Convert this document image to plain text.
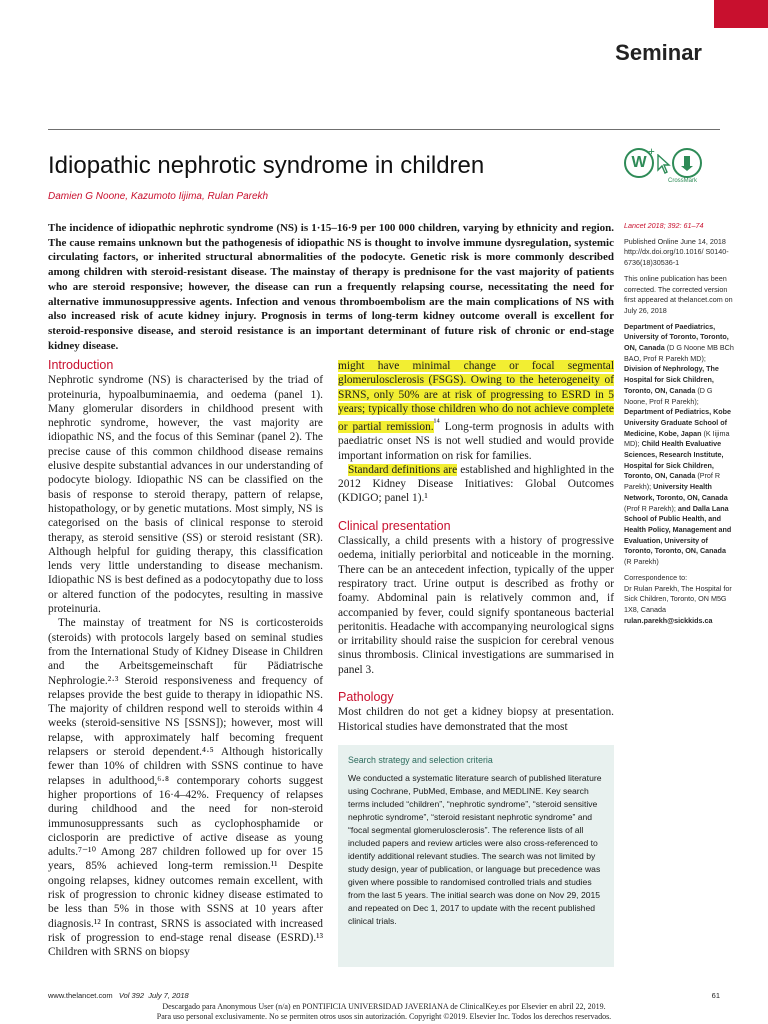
Seminar
Idiopathic nephrotic syndrome in children
Damien G Noone, Kazumoto Iijima, Rulan Parekh
W
+
CrossMark

The incidence of idiopathic nephrotic syndrome (NS) is 1·15–16·9 per 100 000 children, varying by ethnicity and region. The cause remains unknown but the pathogenesis of idiopathic NS is thought to involve immune dysregulation, systemic circulating factors, or inherited structural abnormalities of the podocyte. Genetic risk is more commonly described among children with steroid-resistant disease. The mainstay of therapy is prednisone for the vast majority of patients who are steroid responsive; however, the disease can run a frequently relapsing course, necessitating the need for alternative immunosuppressive agents. Infection and venous thromboembolism are the main complications of NS with also increased risk of acute kidney injury. Prognosis in terms of long-term kidney outcome overall is excellent for steroid-responsive disease, and steroid resistance is an important determinant of future risk of chronic or end-stage kidney disease.

Introduction

Nephrotic syndrome (NS) is characterised by the triad of proteinuria, hypoalbuminaemia, and oedema (panel 1). Many glomerular disorders in childhood present with nephrotic syndrome, however, the vast majority are idiopathic NS, and the focus of this Seminar (panel 2). The precise cause of this common childhood disease remains elusive despite substantial advances in our understanding of podocyte biology. Idiopathic NS can be classified on the basis of response to steroid therapy, pattern of relapse, histopathology, or by genetic mutations. Most simply, NS is categorised on the basis of clinical response to steroid therapy, as steroid sensitive (SS) or steroid resistant (SR). Although helpful for guiding therapy, this classification lends very little understanding to disease mechanism. Idiopathic NS is best defined as a podocytopathy due to loss or altered function of the podocytes, resulting in massive proteinuria.

The mainstay of treatment for NS is corticosteroids (steroids) with protocols largely based on seminal studies from the International Study of Kidney Disease in Children and the Arbeitsgemeinschaft für Pädiatrische Nephrologie.²·³ Steroid responsiveness and frequency of relapses provide the best guide to therapy in idiopathic NS. The majority of children respond well to steroids within 4 weeks (steroid-sensitive NS [SSNS]); however, most will relapse, with approximately half becoming frequent relapsers or steroid dependent.⁴·⁵ Although historically fewer than 10% of children with SSNS continue to have relapses in adulthood,⁶·⁸ contemporary cohorts suggest higher proportions of 16·4–42%. Frequency of relapses during childhood and the need for non-steroid immunosuppressants such as cyclophosphamide or ciclosporin are predictive of active disease as young adults.⁷⁻¹⁰ Among 287 children followed up for over 15 years, 85% achieved long-term remission.¹¹ Despite ongoing relapses, kidney outcomes remain excellent, with risk of progression to chronic kidney disease estimated to be less than 5% in those with SSNS at 10 years after diagnosis.¹² In contrast, SRNS is associated with increased risk of progression to end-stage renal disease (ESRD).¹³ Children with SRNS on biopsy

might have minimal change or focal segmental glomerulosclerosis (FSGS). Owing to the heterogeneity of SRNS, only 50% are at risk of progressing to ESRD in 5 years; typically those children who do not achieve complete or partial remission.$^{^{14}}$ Long-term prognosis in adults with paediatric onset NS is not well studied and would provide important information on risk for families.

Standard definitions are established and highlighted in the 2012 Kidney Disease Initiatives: Global Outcomes (KDIGO; panel 1).¹

Clinical presentation

Classically, a child presents with a history of progressive oedema, initially periorbital and noticeable in the morning. There can be an antecedent infection, typically of the upper respiratory tract. Urine output is described as frothy or foamy. Abdominal pain is relatively common and, if accompanied by fever, could signify spontaneous bacterial peritonitis. Headache with accompanying neurological signs or irritability should raise the suspicion for cerebral venous sinus thrombosis. Clinical investigations are summarised in panel 3.

Pathology

Most children do not get a kidney biopsy at presentation. Historical studies have demonstrated that the most

Search strategy and selection criteria

We conducted a systematic literature search of published literature using Cochrane, PubMed, Embase, and MEDLINE. Key search terms included “children”, “nephrotic syndrome”, “steroid sensitive nephrotic syndrome”, “steroid resistant nephrotic syndrome” and “focal segmental glomerulosclerosis”. The reference lists of all included papers and review articles were also cross-referenced to identify additional relevant studies. The search was not limited by study design, year of publication, or language but precedence was given where possible to randomised controlled trials and studies from the last 5 years. The initial search was done on Nov 29, 2015 and repeated on Dec 1, 2017 to update with the recent published clinical trials.

Lancet 2018; 392: 61–74

Published Online June 14, 2018 http://dx.doi.org/10.1016/ S0140-6736(18)30536-1

This online publication has been corrected. The corrected version first appeared at thelancet.com on July 26, 2018

Department of Paediatrics, University of Toronto, Toronto, ON, Canada (D G Noone MB BCh BAO, Prof R Parekh MD); Division of Nephrology, The Hospital for Sick Children, Toronto, ON, Canada (D G Noone, Prof R Parekh); Department of Pediatrics, Kobe University Graduate School of Medicine, Kobe, Japan (K Iijima MD); Child Health Evaluative Sciences, Research Institute, Hospital for Sick Children, Toronto, ON, Canada (Prof R Parekh); University Health Network, Toronto, ON, Canada (Prof R Parekh); and Dalla Lana School of Public Health, and Health Policy, Management and Evaluation, University of Toronto, Toronto, ON, Canada (R Parekh)

Correspondence to:
Dr Rulan Parekh, The Hospital for Sick Children, Toronto, ON M5G 1X8, Canada
rulan.parekh@sickkids.ca

www.thelancet.com Vol 392 July 7, 2018	61
Descargado para Anonymous User (n/a) en PONTIFICIA UNIVERSIDAD JAVERIANA de ClinicalKey.es por Elsevier en abril 22, 2019.
Para uso personal exclusivamente. No se permiten otros usos sin autorización. Copyright ©2019. Elsevier Inc. Todos los derechos reservados.
